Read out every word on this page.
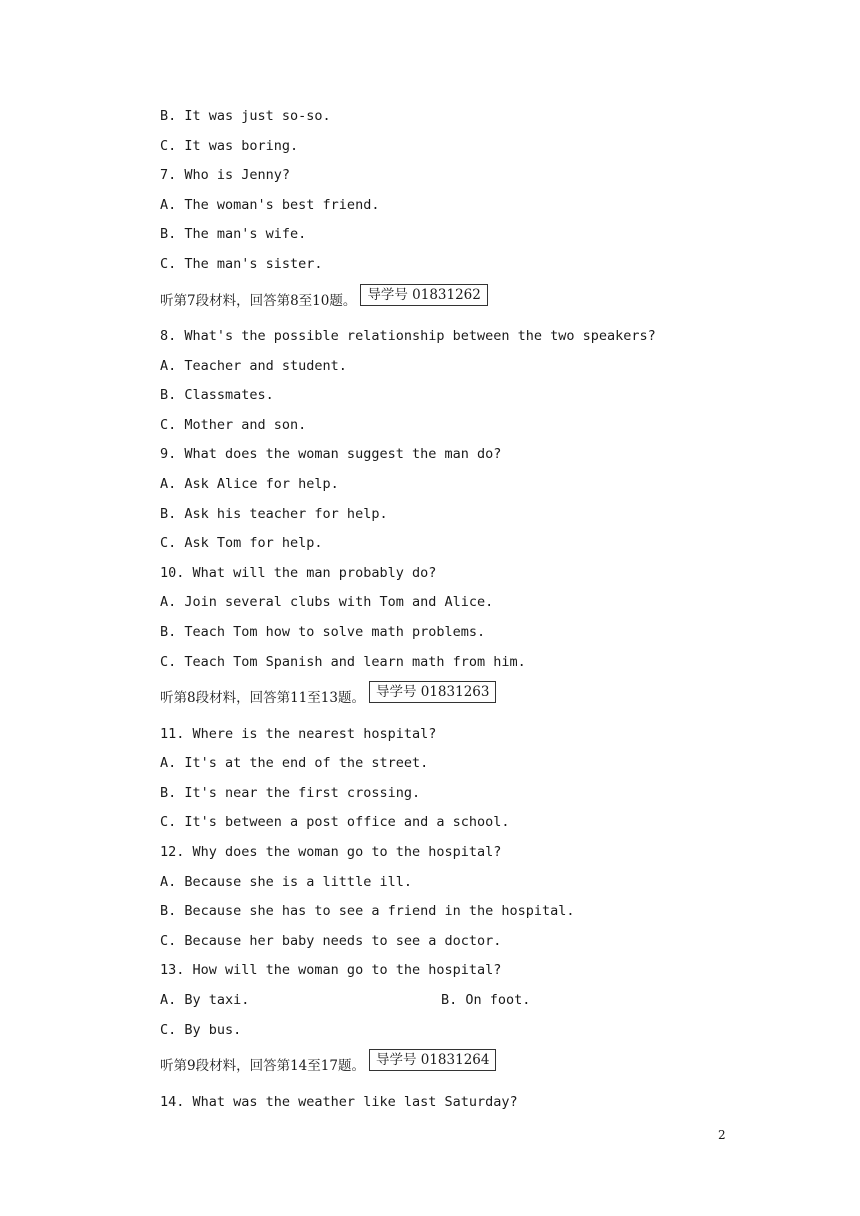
B. It was just so-so.
C. It was boring.
7. Who is Jenny?
A. The woman's best friend.
B. The man's wife.
C. The man's sister.
听第7段材料，回答第8至10题。 导学号 01831262
8. What's the possible relationship between the two speakers?
A. Teacher and student.
B. Classmates.
C. Mother and son.
9. What does the woman suggest the man do?
A. Ask Alice for help.
B. Ask his teacher for help.
C. Ask Tom for help.
10. What will the man probably do?
A. Join several clubs with Tom and Alice.
B. Teach Tom how to solve math problems.
C. Teach Tom Spanish and learn math from him.
听第8段材料，回答第11至13题。 导学号 01831263
11. Where is the nearest hospital?
A. It's at the end of the street.
B. It's near the first crossing.
C. It's between a post office and a school.
12. Why does the woman go to the hospital?
A. Because she is a little ill.
B. Because she has to see a friend in the hospital.
C. Because her baby needs to see a doctor.
13. How will the woman go to the hospital?
A. By taxi.	B. On foot.
C. By bus.
听第9段材料，回答第14至17题。 导学号 01831264
14. What was the weather like last Saturday?
2
